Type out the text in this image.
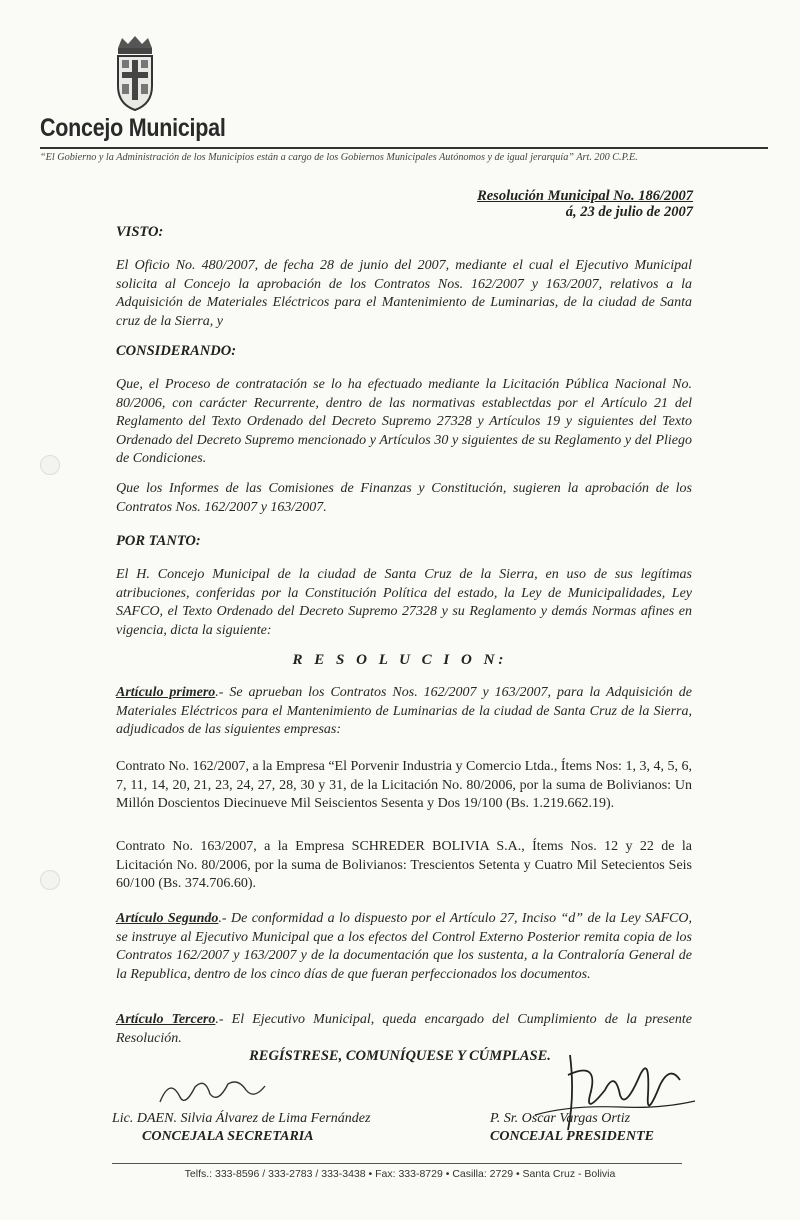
Concejo Municipal
“El Gobierno y la Administración de los Municipios están a cargo de los Gobiernos Municipales Autónomos y de igual jerarquía” Art. 200 C.P.E.
Resolución Municipal No. 186/2007
á, 23 de julio de 2007
VISTO:
El Oficio No. 480/2007, de fecha 28 de junio del 2007, mediante el cual el Ejecutivo Municipal solicita al Concejo la aprobación de los Contratos Nos. 162/2007 y 163/2007, relativos a la Adquisición de Materiales Eléctricos para el Mantenimiento de Luminarias, de la ciudad de Santa cruz de la Sierra, y
CONSIDERANDO:
Que, el Proceso de contratación se lo ha efectuado mediante la Licitación Pública Nacional No. 80/2006, con carácter Recurrente, dentro de las normativas establectdas por el Artículo 21 del Reglamento del Texto Ordenado del Decreto Supremo 27328 y Artículos 19 y siguientes del Texto Ordenado del Decreto Supremo mencionado y Artículos 30 y siguientes de su Reglamento y del Pliego de Condiciones.
Que los Informes de las Comisiones de Finanzas y Constitución, sugieren la aprobación de los Contratos Nos. 162/2007 y 163/2007.
POR TANTO:
El H. Concejo Municipal de la ciudad de Santa Cruz de la Sierra, en uso de sus legítimas atribuciones, conferidas por la Constitución Política del estado, la Ley de Municipalidades, Ley SAFCO, el Texto Ordenado del Decreto Supremo 27328 y su Reglamento y demás Normas afines en vigencia, dicta la siguiente:
R E S O L U C I O N:
Artículo primero.- Se aprueban los Contratos Nos. 162/2007 y 163/2007, para la Adquisición de Materiales Eléctricos para el Mantenimiento de Luminarias de la ciudad de Santa Cruz de la Sierra, adjudicados de las siguientes empresas:
Contrato No. 162/2007, a la Empresa “El Porvenir Industria y Comercio Ltda., Ítems Nos: 1, 3, 4, 5, 6, 7, 11, 14, 20, 21, 23, 24, 27, 28, 30 y 31, de la Licitación No. 80/2006, por la suma de Bolivianos: Un Millón Doscientos Diecinueve Mil Seiscientos Sesenta y Dos 19/100 (Bs. 1.219.662.19).
Contrato No. 163/2007, a la Empresa SCHREDER BOLIVIA S.A., Ítems Nos. 12 y 22 de la Licitación No. 80/2006, por la suma de Bolivianos: Trescientos Setenta y Cuatro Mil Setecientos Seis 60/100 (Bs. 374.706.60).
Artículo Segundo.- De conformidad a lo dispuesto por el Artículo 27, Inciso “d” de la Ley SAFCO, se instruye al Ejecutivo Municipal que a los efectos del Control Externo Posterior remita copia de los Contratos 162/2007 y 163/2007 y de la documentación que los sustenta, a la Contraloría General de la Republica, dentro de los cinco días de que fueran perfeccionados los documentos.
Artículo Tercero.- El Ejecutivo Municipal, queda encargado del Cumplimiento de la presente Resolución.
REGÍSTRESE, COMUNÍQUESE Y CÚMPLASE.
Lic. DAEN. Silvia Álvarez de Lima Fernández
CONCEJALA SECRETARIA
P. Sr. Oscar Vargas Ortiz
CONCEJAL PRESIDENTE
Telfs.: 333-8596 / 333-2783 / 333-3438 • Fax: 333-8729 • Casilla: 2729 • Santa Cruz - Bolivia
